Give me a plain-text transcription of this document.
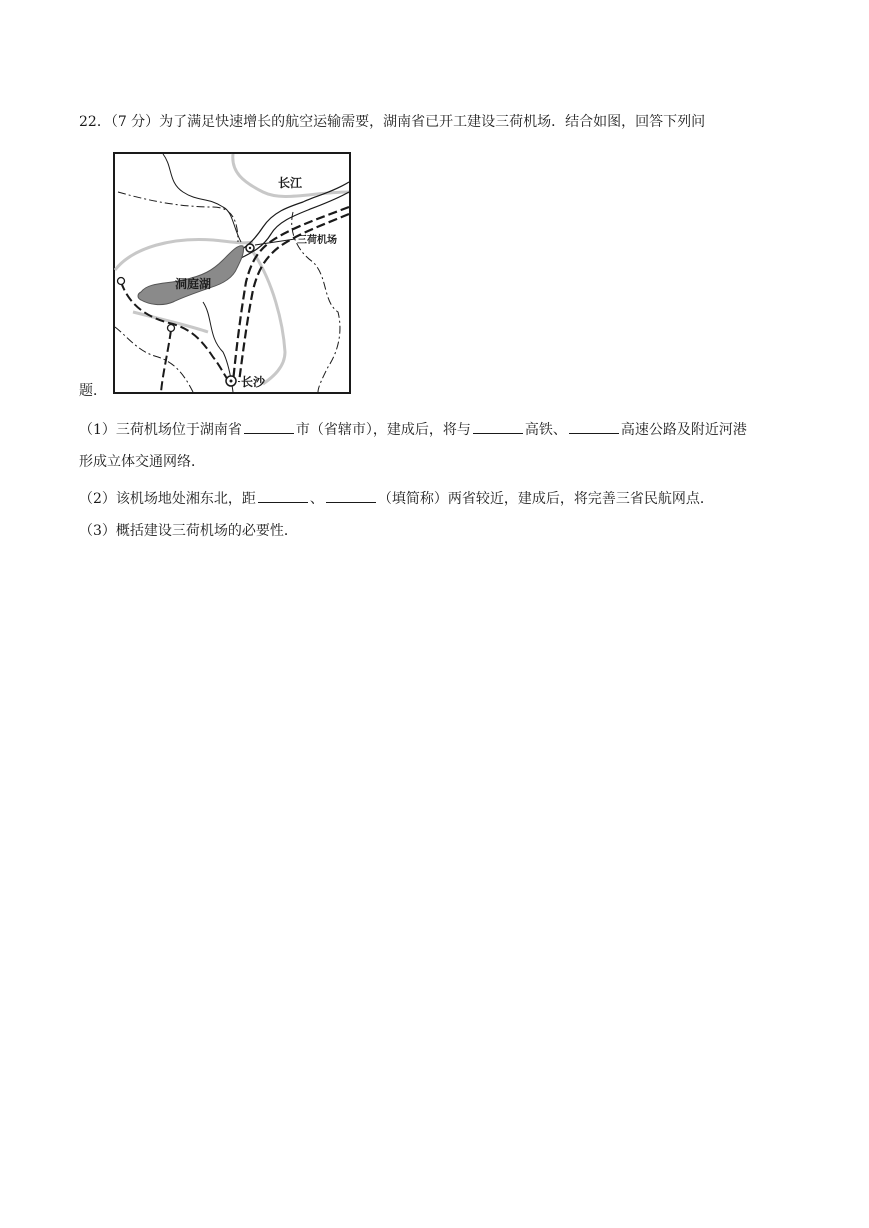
22．（7 分）为了满足快速增长的航空运输需要，湖南省已开工建设三荷机场．结合如图，回答下列问
长江
三荷机场
洞庭湖
长沙
题．
（1）三荷机场位于湖南省	市（省辖市），建成后，将与	高铁、	高速公路及附近河港
形成立体交通网络．
（2）该机场地处湘东北，距	、	（填简称）两省较近，建成后，将完善三省民航网点．
（3）概括建设三荷机场的必要性．
